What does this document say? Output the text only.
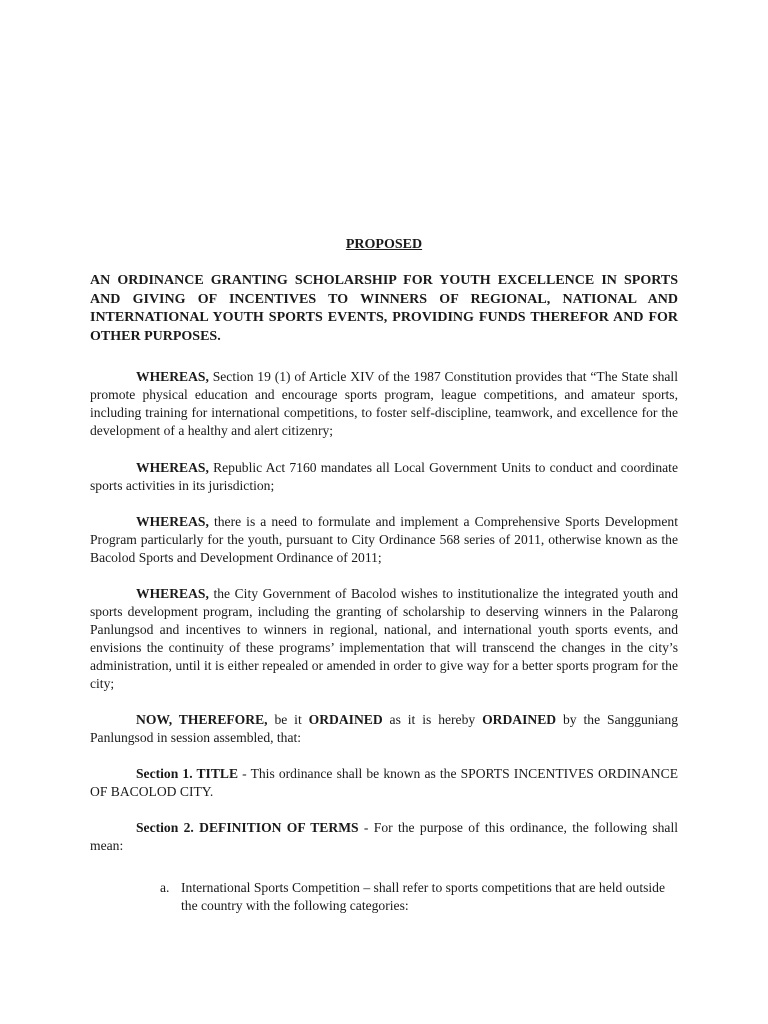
PROPOSED
AN ORDINANCE GRANTING SCHOLARSHIP FOR YOUTH EXCELLENCE IN SPORTS AND GIVING OF INCENTIVES TO WINNERS OF REGIONAL, NATIONAL AND INTERNATIONAL YOUTH SPORTS EVENTS, PROVIDING FUNDS THEREFOR AND FOR OTHER PURPOSES.

WHEREAS, Section 19 (1) of Article XIV of the 1987 Constitution provides that “The State shall promote physical education and encourage sports program, league competitions, and amateur sports, including training for international competitions, to foster self-discipline, teamwork, and excellence for the development of a healthy and alert citizenry;

WHEREAS, Republic Act 7160 mandates all Local Government Units to conduct and coordinate sports activities in its jurisdiction;

WHEREAS, there is a need to formulate and implement a Comprehensive Sports Development Program particularly for the youth, pursuant to City Ordinance 568 series of 2011, otherwise known as the Bacolod Sports and Development Ordinance of 2011;

WHEREAS, the City Government of Bacolod wishes to institutionalize the integrated youth and sports development program, including the granting of scholarship to deserving winners in the Palarong Panlungsod and incentives to winners in regional, national, and international youth sports events, and envisions the continuity of these programs’ implementation that will transcend the changes in the city’s administration, until it is either repealed or amended in order to give way for a better sports program for the city;

NOW, THEREFORE, be it ORDAINED as it is hereby ORDAINED by the Sangguniang Panlungsod in session assembled, that:

Section 1. TITLE - This ordinance shall be known as the SPORTS INCENTIVES ORDINANCE OF BACOLOD CITY.

Section 2. DEFINITION OF TERMS - For the purpose of this ordinance, the following shall mean:

a. International Sports Competition – shall refer to sports competitions that are held outside the country with the following categories:
